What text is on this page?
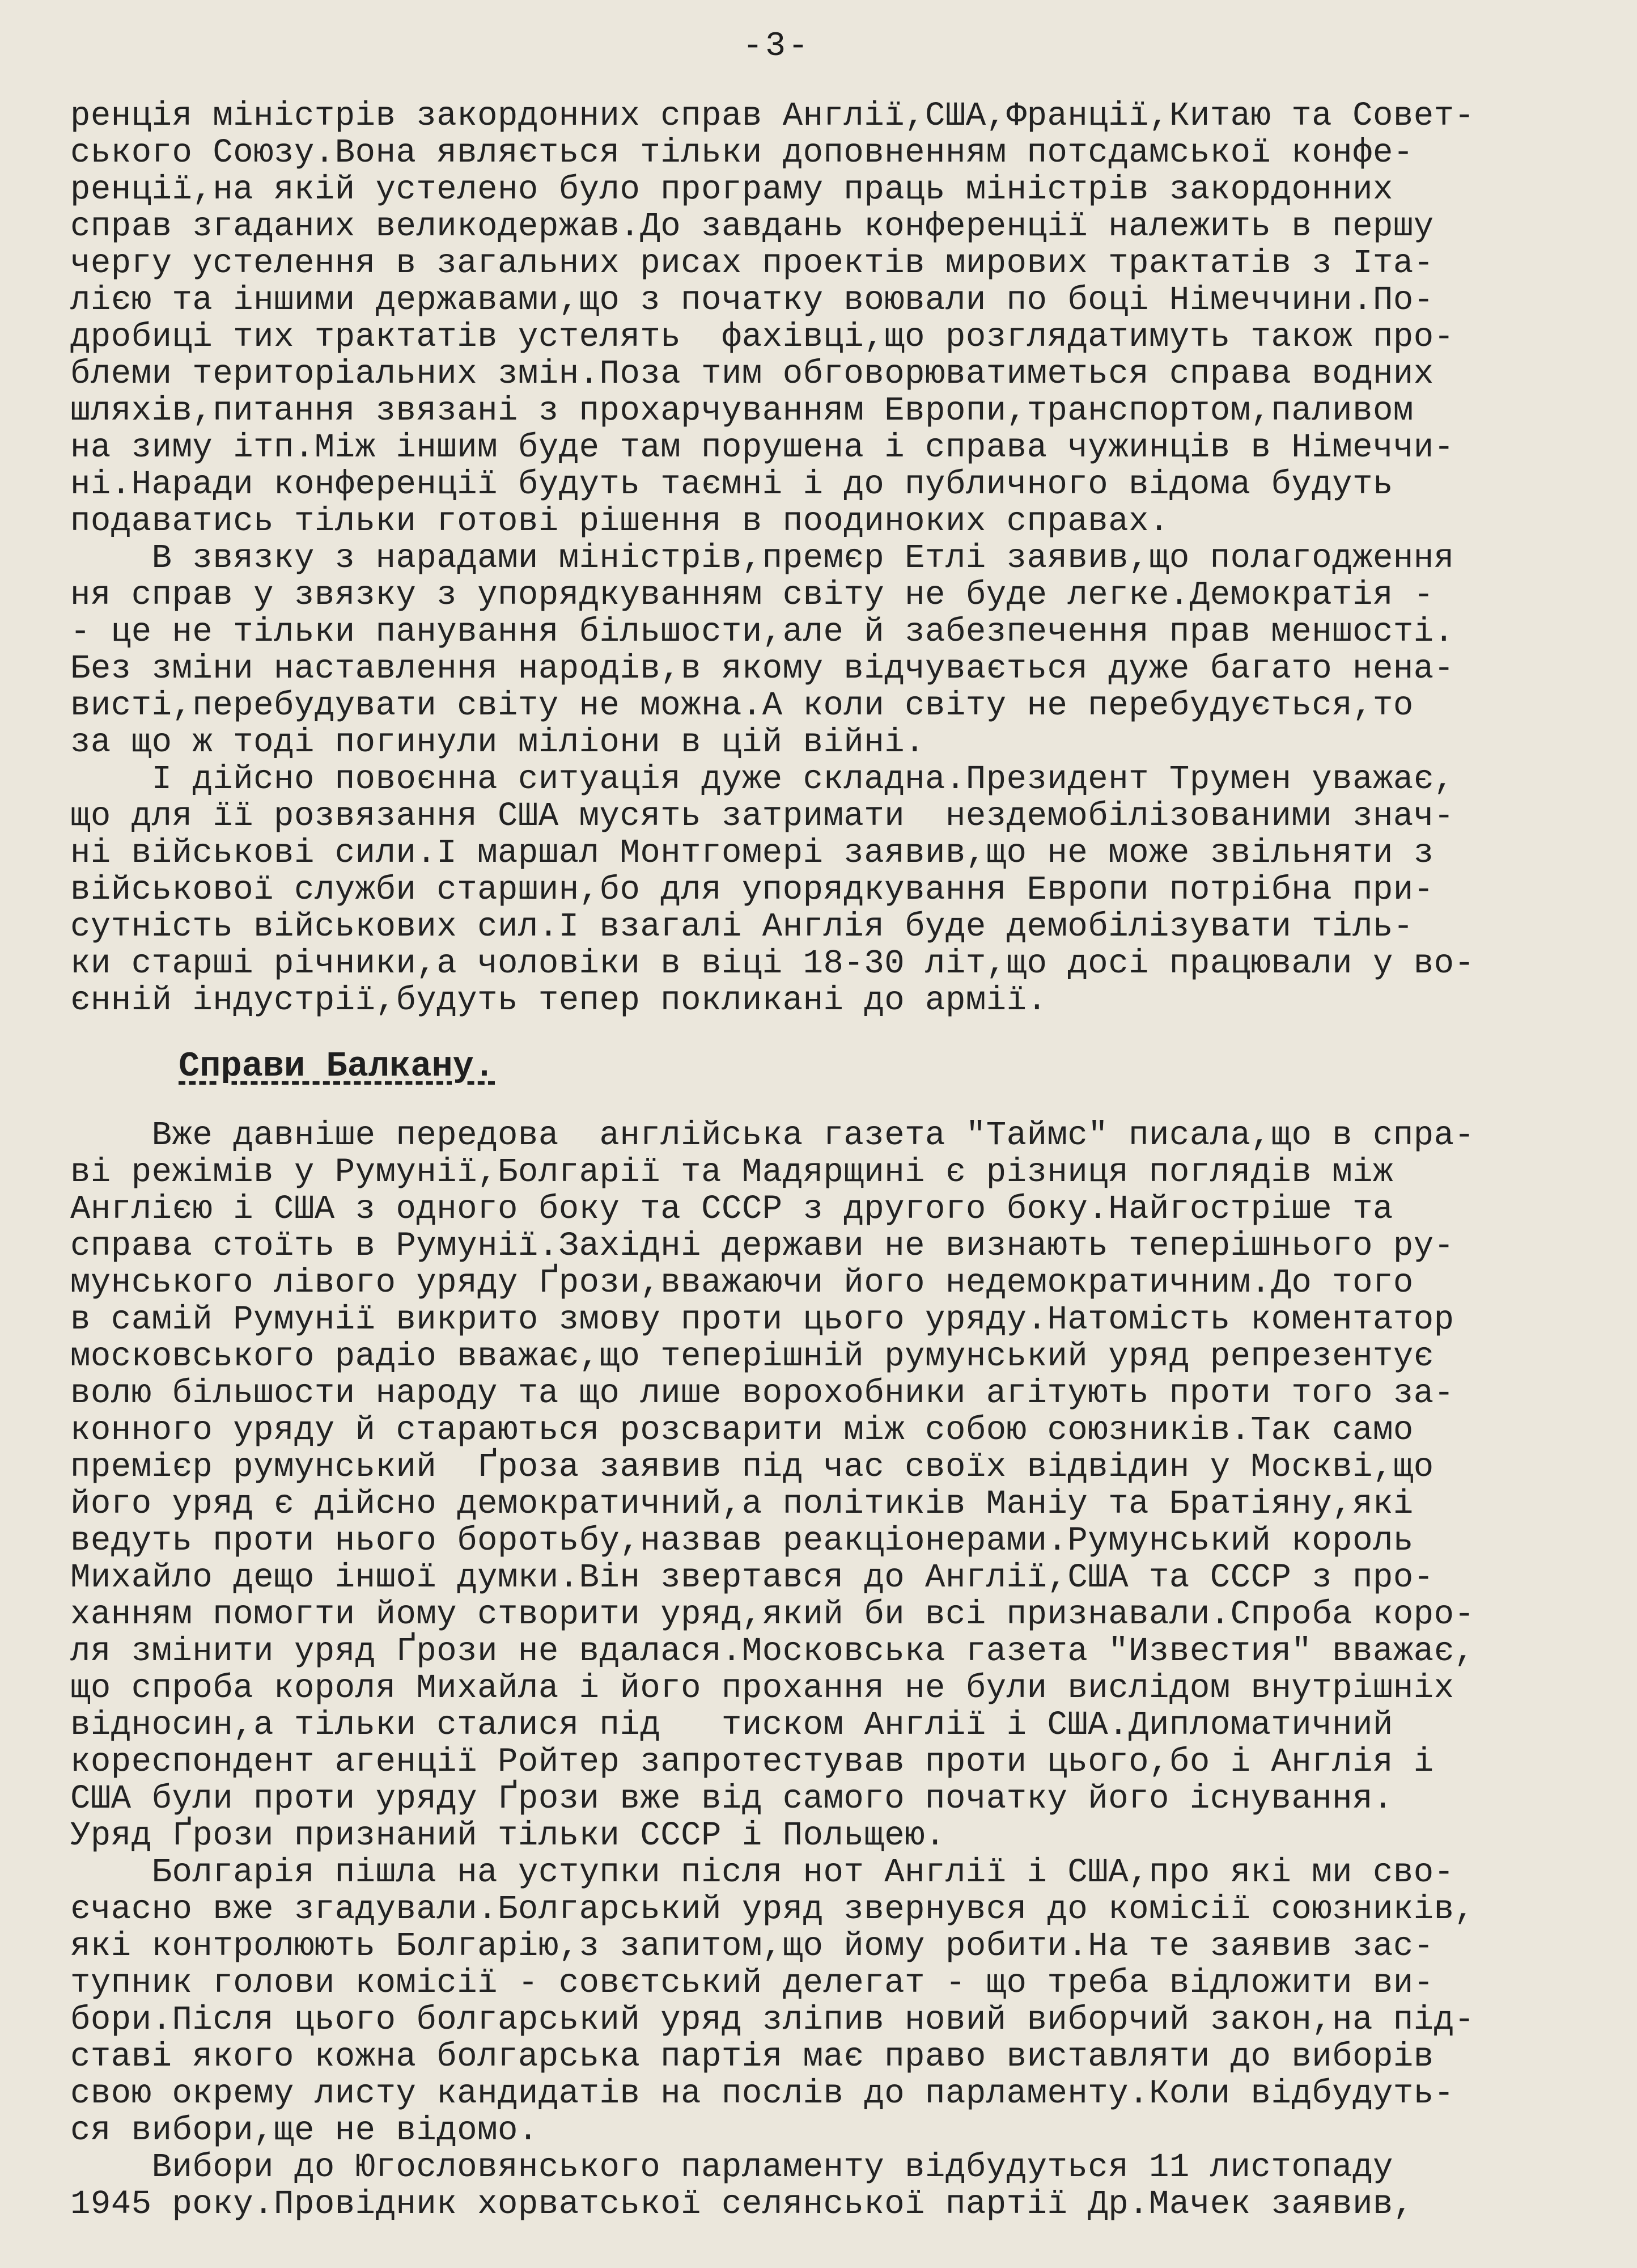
-3-
ренція міністрів закордонних справ Англії,США,Франції,Китаю та Совет-
ського Союзу.Вона являється тільки доповненням потсдамської конфе-
ренції,на якій устелено було програму праць міністрів закордонних
справ згаданих великодержав.До завдань конференції належить в першу
чергу устелення в загальних рисах проектів мирових трактатів з Іта-
лією та іншими державами,що з початку воювали по боці Німеччини.По-
дробиці тих трактатів устелять  фахівці,що розглядатимуть також про-
блеми територіальних змін.Поза тим обговорюватиметься справа водних
шляхів,питання звязані з прохарчуванням Европи,транспортом,паливом
на зиму ітп.Між іншим буде там порушена і справа чужинців в Німеччи-
ні.Наради конференції будуть таємні і до публичного відома будуть
подаватись тільки готові рішення в поодиноких справах.
В звязку з нарадами міністрів,премєр Етлі заявив,що полагодження
ня справ у звязку з упорядкуванням світу не буде легке.Демократія -
- це не тільки панування більшости,але й забезпечення прав меншості.
Без зміни наставлення народів,в якому відчувається дуже багато нена-
висті,перебудувати світу не можна.А коли світу не перебудується,то
за що ж тоді погинули міліони в цій війні.
І дійсно повоєнна ситуація дуже складна.Президент Трумен уважає,
що для її розвязання США мусять затримати  нездемобілізованими знач-
ні військові сили.І маршал Монтгомері заявив,що не може звільняти з
військової служби старшин,бо для упорядкування Европи потрібна при-
сутність військових сил.І взагалі Англія буде демобілізувати тіль-
ки старші річники,а чоловіки в віці 18-30 літ,що досі працювали у во-
єнній індустрії,будуть тепер покликані до армії.
Справи Балкану.
Вже давніше передова  англійська газета "Таймс" писала,що в спра-
ві режімів у Румунії,Болгарії та Мадярщині є різниця поглядів між
Англією і США з одного боку та СССР з другого боку.Найгостріше та
справа стоїть в Румунії.Західні держави не визнають теперішнього ру-
мунського лівого уряду Ґрози,вважаючи його недемократичним.До того
в самій Румунії викрито змову проти цього уряду.Натомість коментатор
московського радіо вважає,що теперішній румунський уряд репрезентує
волю більшости народу та що лише ворохобники агітують проти того за-
конного уряду й стараються розсварити між собою союзників.Так само
премієр румунський  Ґроза заявив під час своїх відвідин у Москві,що
його уряд є дійсно демократичний,а політиків Маніу та Братіяну,які
ведуть проти нього боротьбу,назвав реакціонерами.Румунський король
Михайло дещо іншої думки.Він звертався до Англії,США та СССР з про-
ханням помогти йому створити уряд,який би всі признавали.Спроба коро-
ля змінити уряд Ґрози не вдалася.Московська газета "Известия" вважає,
що спроба короля Михайла і його прохання не були вислідом внутрішніх
відносин,а тільки сталися під   тиском Англії і США.Дипломатичний
кореспондент агенції Ройтер запротестував проти цього,бо і Англія і
США були проти уряду Ґрози вже від самого початку його існування.
Уряд Ґрози признаний тільки СССР і Польщею.
Болгарія пішла на уступки після нот Англії і США,про які ми сво-
єчасно вже згадували.Болгарський уряд звернувся до комісії союзників,
які контролюють Болгарію,з запитом,що йому робити.На те заявив зас-
тупник голови комісії - совєтський делегат - що треба відложити ви-
бори.Після цього болгарський уряд зліпив новий виборчий закон,на під-
ставі якого кожна болгарська партія має право виставляти до виборів
свою окрему листу кандидатів на послів до парламенту.Коли відбудуть-
ся вибори,ще не відомо.
Вибори до Югословянського парламенту відбудуться 11 листопаду
1945 року.Провідник хорватської селянської партії Др.Мачек заявив,
